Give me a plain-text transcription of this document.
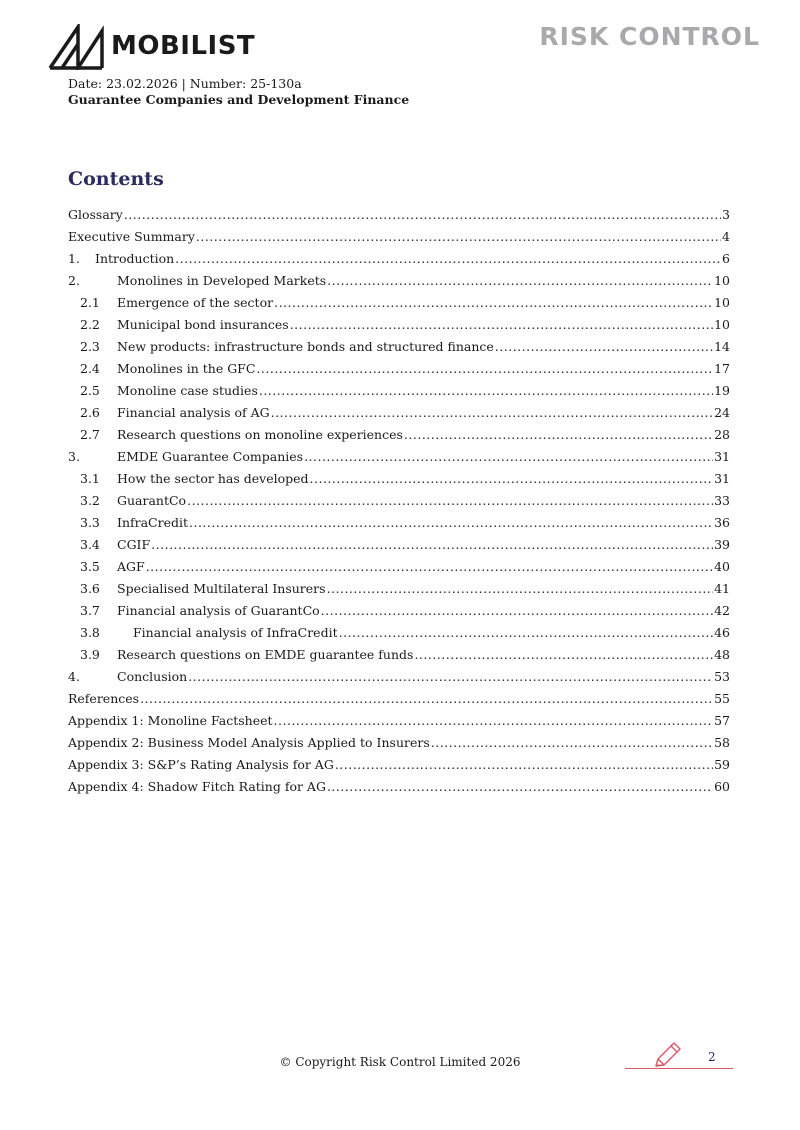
MOBILIST	RISK CONTROL
Date: 23.02.2026 | Number: 25-130a
Guarantee Companies and Development Finance
Contents
Glossary .....	3
Executive Summary .....	4
1.	Introduction .....	6
2.	Monolines in Developed Markets .....	10
2.1	Emergence of the sector .....	10
2.2	Municipal bond insurances .....	10
2.3	New products: infrastructure bonds and structured finance .....	14
2.4	Monolines in the GFC .....	17
2.5	Monoline case studies .....	19
2.6	Financial analysis of AG .....	24
2.7	Research questions on monoline experiences .....	28
3.	EMDE Guarantee Companies .....	31
3.1	How the sector has developed .....	31
3.2	GuarantCo .....	33
3.3	InfraCredit .....	36
3.4	CGIF .....	39
3.5	AGF .....	40
3.6	Specialised Multilateral Insurers .....	41
3.7	Financial analysis of GuarantCo .....	42
3.8	Financial analysis of InfraCredit .....	46
3.9	Research questions on EMDE guarantee funds .....	48
4.	Conclusion .....	53
References .....	55
Appendix 1: Monoline Factsheet .....	57
Appendix 2: Business Model Analysis Applied to Insurers .....	58
Appendix 3: S&P’s Rating Analysis for AG .....	59
Appendix 4: Shadow Fitch Rating for AG .....	60
© Copyright Risk Control Limited 2026	2
